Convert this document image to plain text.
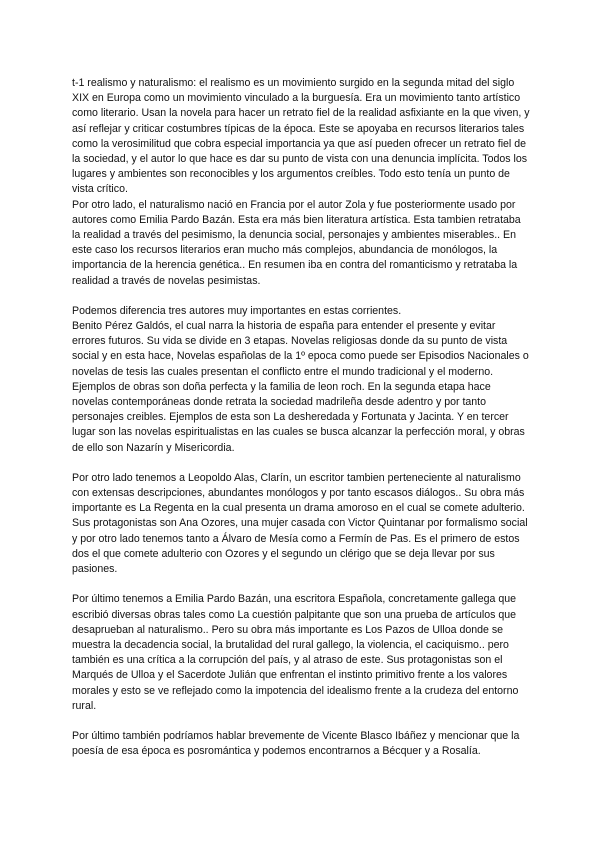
t-1 realismo y naturalismo: el realismo es un movimiento surgido en la segunda mitad del siglo XIX en Europa como un movimiento vinculado a la burguesía. Era un movimiento tanto artístico como literario. Usan la novela para hacer un retrato fiel de la realidad asfixiante en la que viven, y así reflejar y criticar costumbres típicas de la época. Este se apoyaba en recursos literarios tales como la verosimilitud que cobra especial importancia ya que así pueden ofrecer un retrato fiel de la sociedad, y el autor lo que hace es dar su punto de vista con una denuncia implícita. Todos los lugares y ambientes son reconocibles y los argumentos creíbles. Todo esto tenía un punto de vista crítico.

Por otro lado, el naturalismo nació en Francia por el autor Zola y fue posteriormente usado por autores como Emilia Pardo Bazán. Esta era más bien literatura artística. Esta tambien retrataba la realidad a través del pesimismo, la denuncia social, personajes y ambientes miserables.. En este caso los recursos literarios eran mucho más complejos, abundancia de monólogos, la importancia de la herencia genética.. En resumen iba en contra del romanticismo y retrataba la realidad a través de novelas pesimistas.

Podemos diferencia tres autores muy importantes en estas corrientes.

Benito Pérez Galdós, el cual narra la historia de españa para entender el presente y evitar errores futuros. Su vida se divide en 3 etapas. Novelas religiosas donde da su punto de vista social y en esta hace, Novelas españolas de la 1º epoca como puede ser Episodios Nacionales o novelas de tesis las cuales presentan el conflicto entre el mundo tradicional y el moderno. Ejemplos de obras son doña perfecta y la familia de leon roch. En la segunda etapa hace novelas contemporáneas donde retrata la sociedad madrileña desde adentro y por tanto personajes creibles. Ejemplos de esta son La desheredada y Fortunata y Jacinta. Y en tercer lugar son las novelas espiritualistas en las cuales se busca alcanzar la perfección moral, y obras de ello son Nazarín y Misericordia.

Por otro lado tenemos a Leopoldo Alas, Clarín, un escritor tambien perteneciente al naturalismo con extensas descripciones, abundantes monólogos y por tanto escasos diálogos.. Su obra más importante es La Regenta en la cual presenta un drama amoroso en el cual se comete adulterio. Sus protagonistas son Ana Ozores, una mujer casada con Victor Quintanar por formalismo social y por otro lado tenemos tanto a Álvaro de Mesía como a Fermín de Pas. Es el primero de estos dos el que comete adulterio con Ozores y el segundo un clérigo que se deja llevar por sus pasiones.

Por último tenemos a Emilia Pardo Bazán, una escritora Española, concretamente gallega que escribió diversas obras tales como La cuestión palpitante que son una prueba de artículos que desaprueban al naturalismo.. Pero su obra más importante es Los Pazos de Ulloa donde se muestra la decadencia social, la brutalidad del rural gallego, la violencia, el caciquismo.. pero también es una crítica a la corrupción del país, y al atraso de este. Sus protagonistas son el Marqués de Ulloa y el Sacerdote Julián que enfrentan el instinto primitivo frente a los valores morales y esto se ve reflejado como la impotencia del idealismo frente a la crudeza del entorno rural.

Por último también podríamos hablar brevemente de Vicente Blasco Ibáñez y mencionar que la poesía de esa época es posromántica y podemos encontrarnos a Bécquer y a Rosalía.
